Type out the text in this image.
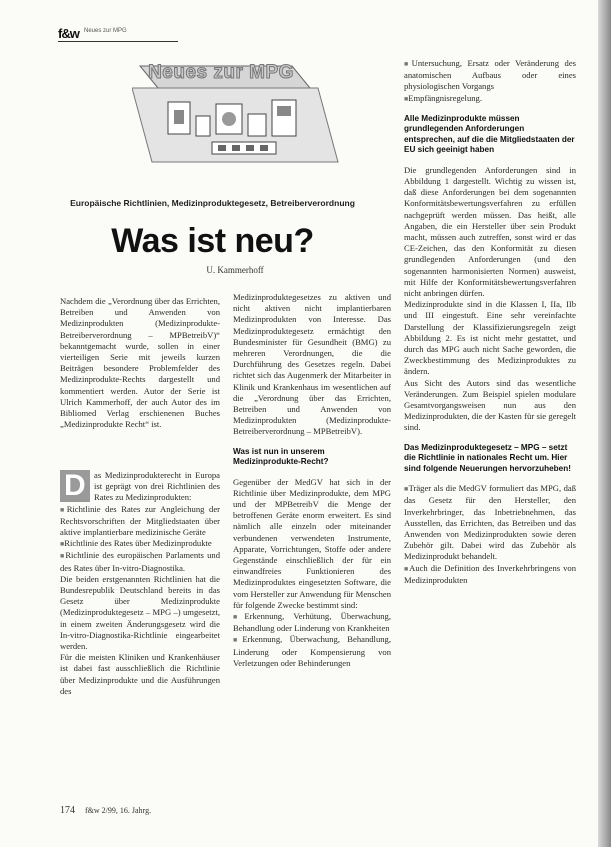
f&w Neues zur MPG
Neues zur MPG
Europäische Richtlinien, Medizinproduktegesetz, Betreiberverordnung
Was ist neu?
U. Kammerhoff
Nachdem die „Verordnung über das Errichten, Betreiben und Anwenden von Medizinprodukten (Medizinprodukte-Betreiberverordnung – MPBetreibV)“ bekanntgemacht wurde, sollen in einer vierteiligen Serie mit jeweils kurzen Beiträgen besondere Problemfelder des Medizinprodukte-Rechts dargestellt und kommentiert werden. Autor der Serie ist Ulrich Kammerhoff, der auch Autor des im Bibliomed Verlag erschienenen Buches „Medizinprodukte Recht“ ist.

D as Medizinprodukterecht in Europa ist geprägt von drei Richtlinien des Rates zu Medizinprodukten:

■ Richtlinie des Rates zur Angleichung der Rechtsvorschriften der Mitgliedstaaten über aktive implantierbare medizinische Geräte

■ Richtlinie des Rates über Medizinprodukte

■ Richtlinie des europäischen Parlaments und des Rates über In-vitro-Diagnostika.

Die beiden erstgenannten Richtlinien hat die Bundesrepublik Deutschland bereits in das Gesetz über Medizinprodukte (Medizinproduktegesetz – MPG –) umgesetzt, in einem zweiten Änderungsgesetz wird die In-vitro-Diagnostika-Richtlinie eingearbeitet werden.

Für die meisten Kliniken und Krankenhäuser ist dabei fast ausschließlich die Richtlinie über Medizinprodukte und die Ausführungen des

Medizinproduktegesetzes zu aktiven und nicht aktiven nicht implantierbaren Medizinprodukten von Interesse. Das Medizinproduktegesetz ermächtigt den Bundesminister für Gesundheit (BMG) zu mehreren Verordnungen, die die Durchführung des Gesetzes regeln. Dabei richtet sich das Augenmerk der Mitarbeiter in Klinik und Krankenhaus im wesentlichen auf die „Verordnung über das Errichten, Betreiben und Anwenden von Medizinprodukten (Medizinprodukte-Betreiberverordnung – MPBetreibV).

Was ist nun in unserem Medizinprodukte-Recht?

Gegenüber der MedGV hat sich in der Richtlinie über Medizinprodukte, dem MPG und der MPBetreibV die Menge der betroffenen Geräte enorm erweitert. Es sind nämlich alle einzeln oder miteinander verbundenen verwendeten Instrumente, Apparate, Vorrichtungen, Stoffe oder andere Gegenstände einschließlich der für ein einwandfreies Funktionieren des Medizinproduktes eingesetzten Software, die vom Hersteller zur Anwendung für Menschen für folgende Zwecke bestimmt sind:

■ Erkennung, Verhütung, Überwachung, Behandlung oder Linderung von Krankheiten

■ Erkennung, Überwachung, Behandlung, Linderung oder Kompensierung von Verletzungen oder Behinderungen

■ Untersuchung, Ersatz oder Veränderung des anatomischen Aufbaus oder eines physiologischen Vorgangs

■ Empfängnisregelung.

Alle Medizinprodukte müssen grundlegenden Anforderungen entsprechen, auf die die Mitgliedstaaten der EU sich geeinigt haben

Die grundlegenden Anforderungen sind in Abbildung 1 dargestellt. Wichtig zu wissen ist, daß diese Anforderungen bei dem sogenannten Konformitätsbewertungsverfahren zu erfüllen nachgeprüft werden müssen. Das heißt, alle Angaben, die ein Hersteller über sein Produkt macht, müssen auch zutreffen, sonst wird er das CE-Zeichen, das den Konformität zu diesen grundlegenden Anforderungen (und den sogenannten harmonisierten Normen) ausweist, mit Hilfe der Konformitätsbewertungsverfahren nicht anbringen dürfen.

Medizinprodukte sind in die Klassen I, IIa, IIb und III eingestuft. Eine sehr vereinfachte Darstellung der Klassifizierungsregeln zeigt Abbildung 2. Es ist nicht mehr gestattet, und durch das MPG auch nicht Sache geworden, die Zweckbestimmung des Medizinproduktes zu ändern.

Aus Sicht des Autors sind das wesentliche Veränderungen. Zum Beispiel spielen modulare Gesamtvorgangsweisen nun aus den Medizinprodukten, die der Kasten für sie geregelt sind.

Das Medizinproduktegesetz – MPG – setzt die Richtlinie in nationales Recht um. Hier sind folgende Neuerungen hervorzuheben!

■ Träger als die MedGV formuliert das MPG, daß das Gesetz für den Hersteller, den Inverkehrbringer, das Inbetriebnehmen, das Ausstellen, das Errichten, das Betreiben und das Anwenden von Medizinprodukten sowie deren Zubehör gilt. Dabei wird das Zubehör als Medizinprodukt behandelt.

■ Auch die Definition des Inverkehrbringens von Medizinprodukten

174 f&w 2/99, 16. Jahrg.
